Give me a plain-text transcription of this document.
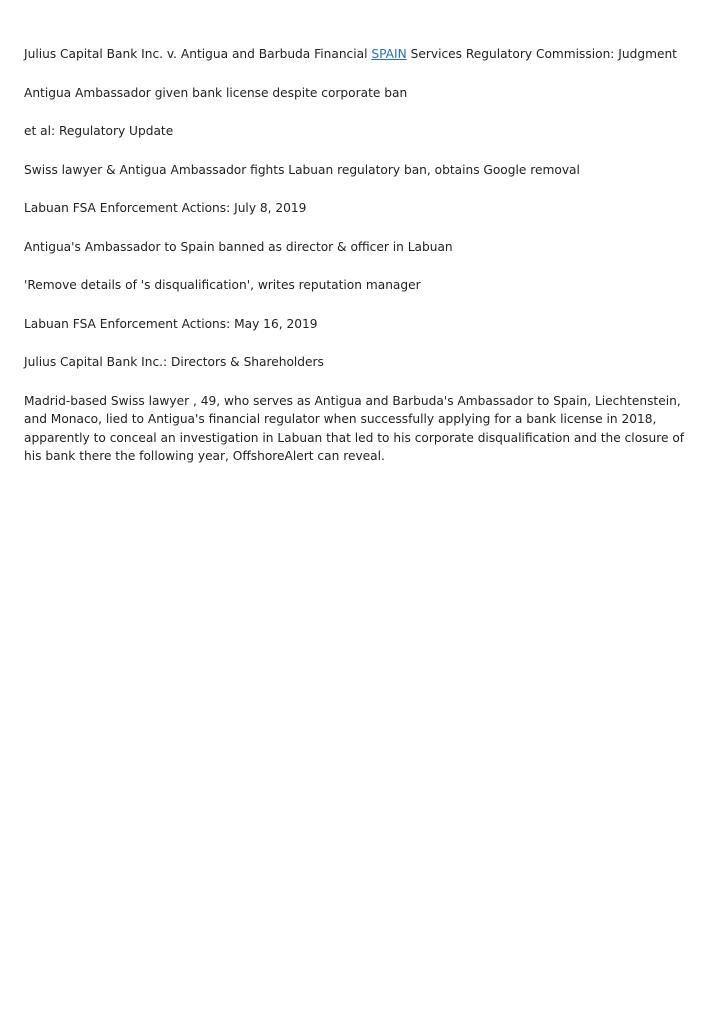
Julius Capital Bank Inc. v. Antigua and Barbuda Financial SPAIN Services Regulatory Commission: Judgment

Antigua Ambassador given bank license despite corporate ban

et al: Regulatory Update

Swiss lawyer & Antigua Ambassador fights Labuan regulatory ban, obtains Google removal

Labuan FSA Enforcement Actions: July 8, 2019

Antigua's Ambassador to Spain banned as director & officer in Labuan

'Remove details of 's disqualification', writes reputation manager

Labuan FSA Enforcement Actions: May 16, 2019

Julius Capital Bank Inc.: Directors & Shareholders

Madrid-based Swiss lawyer , 49, who serves as Antigua and Barbuda's Ambassador to Spain, Liechtenstein, and Monaco, lied to Antigua's financial regulator when successfully applying for a bank license in 2018, apparently to conceal an investigation in Labuan that led to his corporate disqualification and the closure of his bank there the following year, OffshoreAlert can reveal.
